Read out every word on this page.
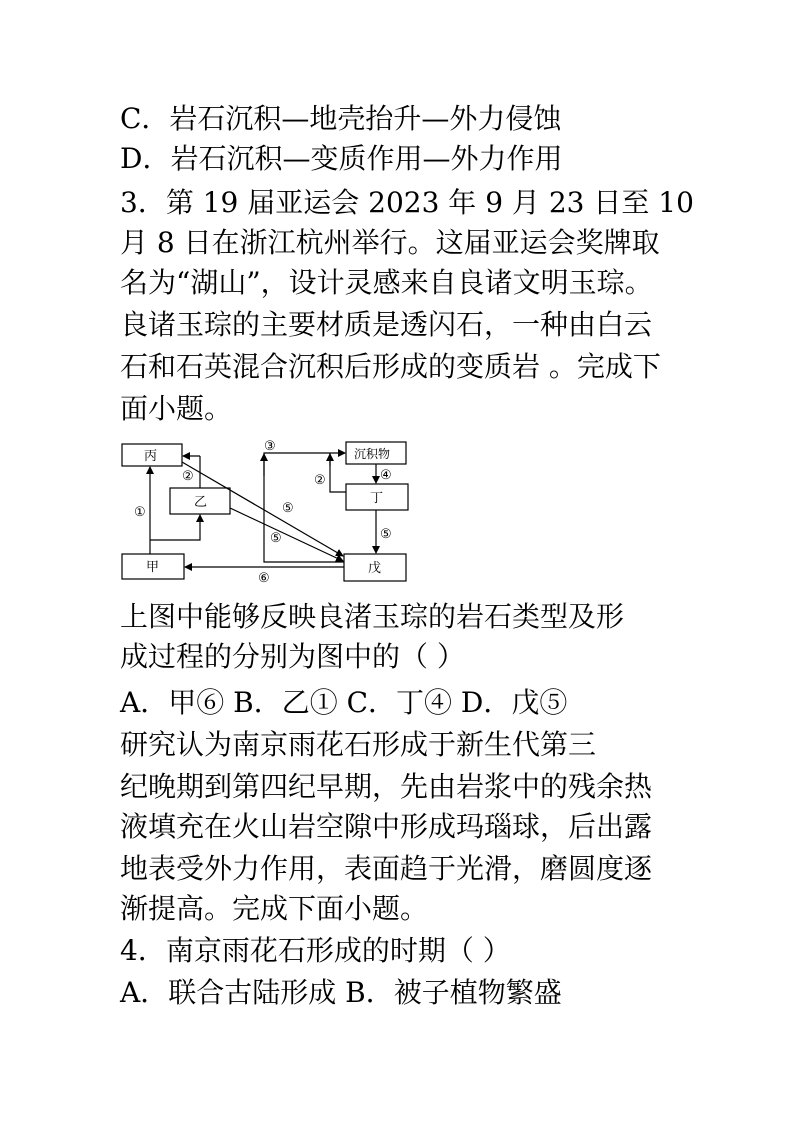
C．岩石沉积—地壳抬升—外力侵蚀
D．岩石沉积—变质作用—外力作用
3．第 19 届亚运会 2023 年 9 月 23 日至 10
月 8 日在浙江杭州举行。这届亚运会奖牌取
名为“湖山”，设计灵感来自良诸文明玉琮。
良诸玉琮的主要材质是透闪石，一种由白云
石和石英混合沉积后形成的变质岩 。完成下
面小题。
丙
乙
甲
沉积物
丁
戊
①
②
③
④
②
⑤
⑤	⑤
⑥
上图中能够反映良渚玉琮的岩石类型及形
成过程的分别为图中的（ ）
A．甲⑥ B．乙① C．丁④ D．戊⑤
研究认为南京雨花石形成于新生代第三
纪晚期到第四纪早期，先由岩浆中的残余热
液填充在火山岩空隙中形成玛瑙球，后出露
地表受外力作用，表面趋于光滑，磨圆度逐
渐提高。完成下面小题。
4．南京雨花石形成的时期（ ）
A．联合古陆形成 B．被子植物繁盛
